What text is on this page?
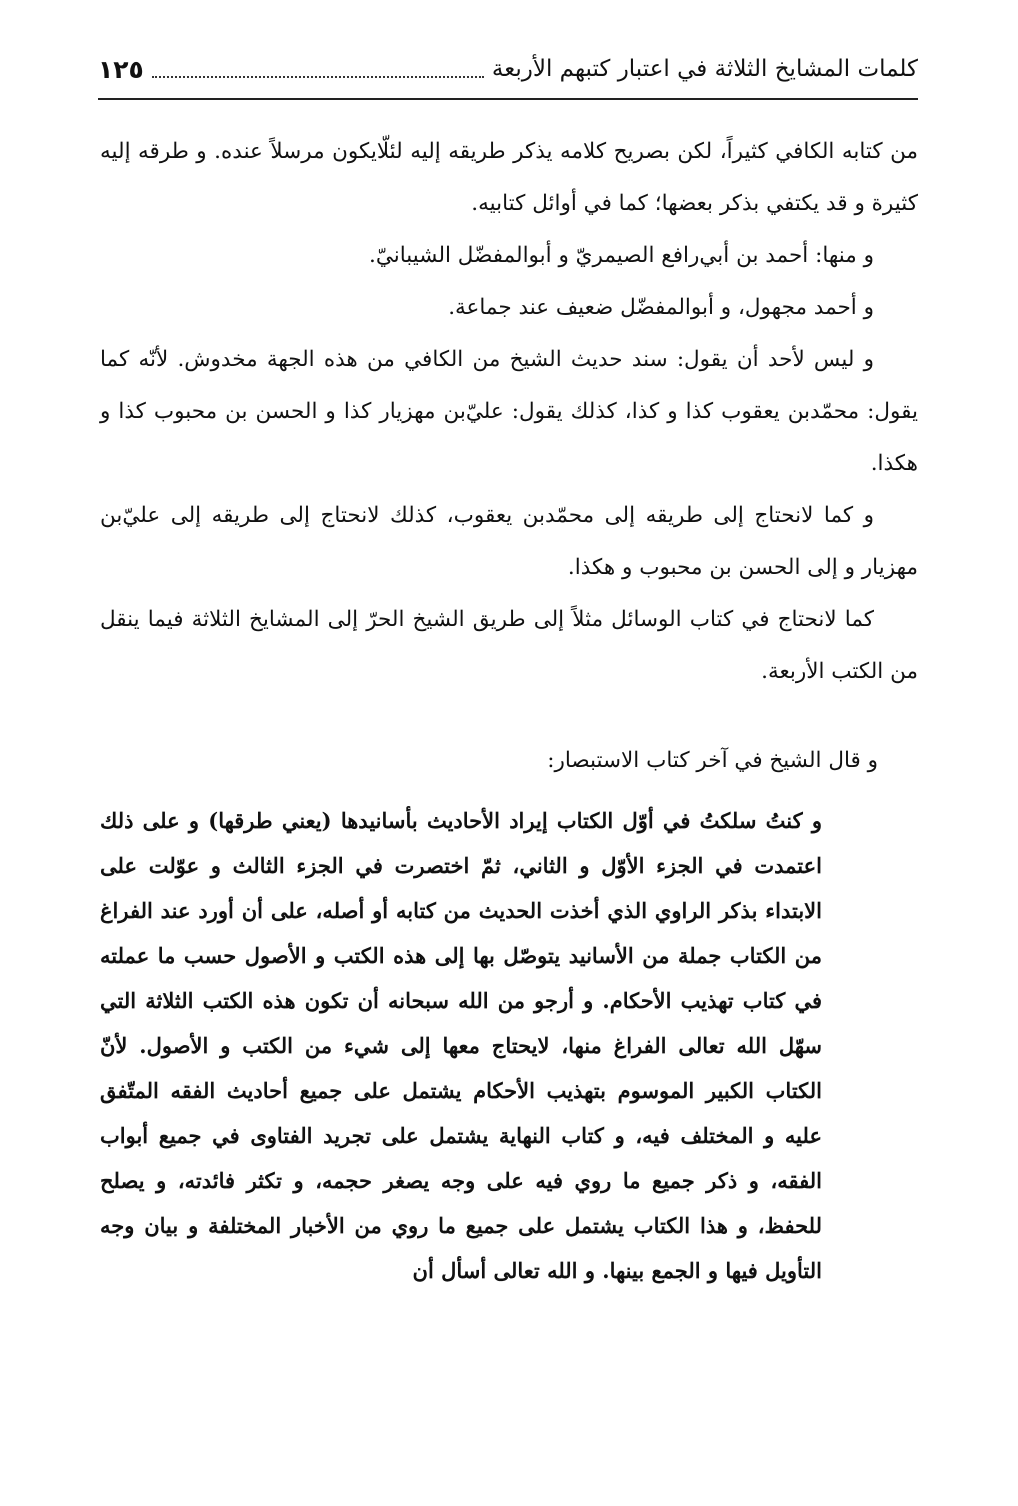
كلمات المشايخ الثلاثة في اعتبار كتبهم الأربعة
١٢٥

من كتابه الكافي كثيراً، لكن بصريح كلامه يذكر طريقه إليه لئلّايكون مرسلاً عنده. و طرقه إليه كثيرة و قد يكتفي بذكر بعضها؛ كما في أوائل كتابيه.

و منها: أحمد بن أبي‌رافع الصيمريّ و أبوالمفضّل الشيبانيّ.

و أحمد مجهول، و أبوالمفضّل ضعيف عند جماعة.

و ليس لأحد أن يقول: سند حديث الشيخ من الكافي من هذه الجهة مخدوش. لأنّه كما يقول: محمّدبن يعقوب كذا و كذا، كذلك يقول: عليّ‌بن مهزيار كذا و الحسن بن محبوب كذا و هكذا.

و كما لانحتاج إلى طريقه إلى محمّدبن يعقوب، كذلك لانحتاج إلى طريقه إلى عليّ‌بن مهزيار و إلى الحسن بن محبوب و هكذا.

كما لانحتاج في كتاب الوسائل مثلاً إلى طريق الشيخ الحرّ إلى المشايخ الثلاثة فيما ينقل من الكتب الأربعة.

و قال الشيخ في آخر كتاب الاستبصار:

و كنتُ سلكتُ في أوّل الكتاب إيراد الأحاديث بأسانيدها (يعني طرقها) و على ذلك اعتمدت في الجزء الأوّل و الثاني، ثمّ اختصرت في الجزء الثالث و عوّلت على الابتداء بذكر الراوي الذي أخذت الحديث من كتابه أو أصله، على أن أورد عند الفراغ من الكتاب جملة من الأسانيد يتوصّل بها إلى هذه الكتب و الأصول حسب ما عملته في كتاب تهذيب الأحكام. و أرجو من الله سبحانه أن تكون هذه الكتب الثلاثة التي سهّل الله تعالى الفراغ منها، لايحتاج معها إلى شيء من الكتب و الأصول. لأنّ الكتاب الكبير الموسوم بتهذيب الأحكام يشتمل على جميع أحاديث الفقه المتّفق عليه و المختلف فيه، و كتاب النهاية يشتمل على تجريد الفتاوى في جميع أبواب الفقه، و ذكر جميع ما روي فيه على وجه يصغر حجمه، و تكثر فائدته، و يصلح للحفظ، و هذا الكتاب يشتمل على جميع ما روي من الأخبار المختلفة و بيان وجه التأويل فيها و الجمع بينها. و الله تعالى أسأل أن
